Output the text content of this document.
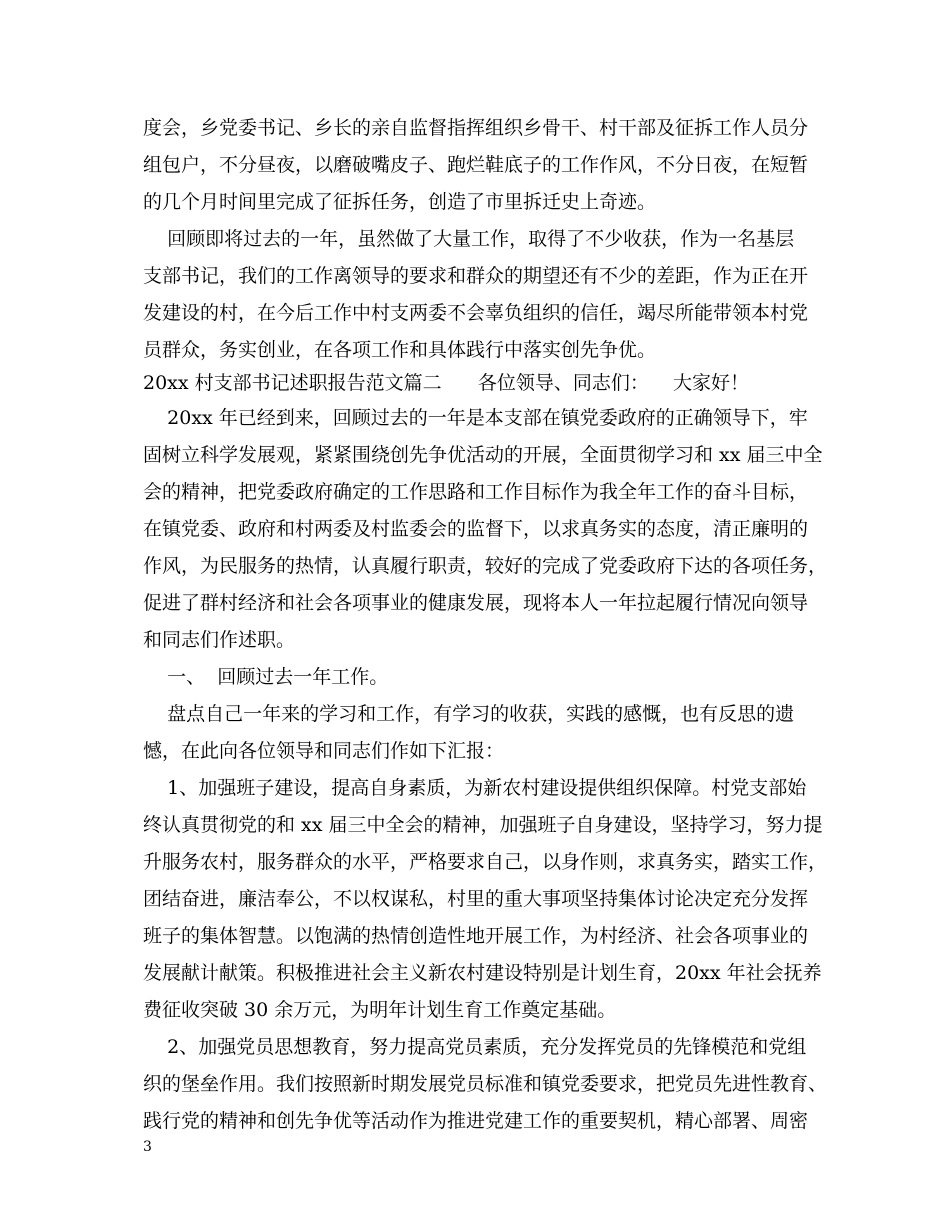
度会，乡党委书记、乡长的亲自监督指挥组织乡骨干、村干部及征拆工作人员分
组包户，不分昼夜，以磨破嘴皮子、跑烂鞋底子的工作作风，不分日夜，在短暂
的几个月时间里完成了征拆任务，创造了市里拆迁史上奇迹。
回顾即将过去的一年，虽然做了大量工作，取得了不少收获，作为一名基层
支部书记，我们的工作离领导的要求和群众的期望还有不少的差距，作为正在开
发建设的村，在今后工作中村支两委不会辜负组织的信任，竭尽所能带领本村党
员群众，务实创业，在各项工作和具体践行中落实创先争优。
20xx 村支部书记述职报告范文篇二      各位领导、同志们：    大家好！
20xx 年已经到来，回顾过去的一年是本支部在镇党委政府的正确领导下，牢
固树立科学发展观，紧紧围绕创先争优活动的开展，全面贯彻学习和 xx 届三中全
会的精神，把党委政府确定的工作思路和工作目标作为我全年工作的奋斗目标，
在镇党委、政府和村两委及村监委会的监督下，以求真务实的态度，清正廉明的
作风，为民服务的热情，认真履行职责，较好的完成了党委政府下达的各项任务，
促进了群村经济和社会各项事业的健康发展，现将本人一年拉起履行情况向领导
和同志们作述职。
一、  回顾过去一年工作。
盘点自己一年来的学习和工作，有学习的收获，实践的感慨，也有反思的遗
憾，在此向各位领导和同志们作如下汇报：
1、加强班子建设，提高自身素质，为新农村建设提供组织保障。村党支部始
终认真贯彻党的和 xx 届三中全会的精神，加强班子自身建设，坚持学习，努力提
升服务农村，服务群众的水平，严格要求自己，以身作则，求真务实，踏实工作，
团结奋进，廉洁奉公，不以权谋私，村里的重大事项坚持集体讨论决定充分发挥
班子的集体智慧。以饱满的热情创造性地开展工作，为村经济、社会各项事业的
发展献计献策。积极推进社会主义新农村建设特别是计划生育，20xx 年社会抚养
费征收突破 30 余万元，为明年计划生育工作奠定基础。
2、加强党员思想教育，努力提高党员素质，充分发挥党员的先锋模范和党组
织的堡垒作用。我们按照新时期发展党员标准和镇党委要求，把党员先进性教育、
践行党的精神和创先争优等活动作为推进党建工作的重要契机，精心部署、周密
3
